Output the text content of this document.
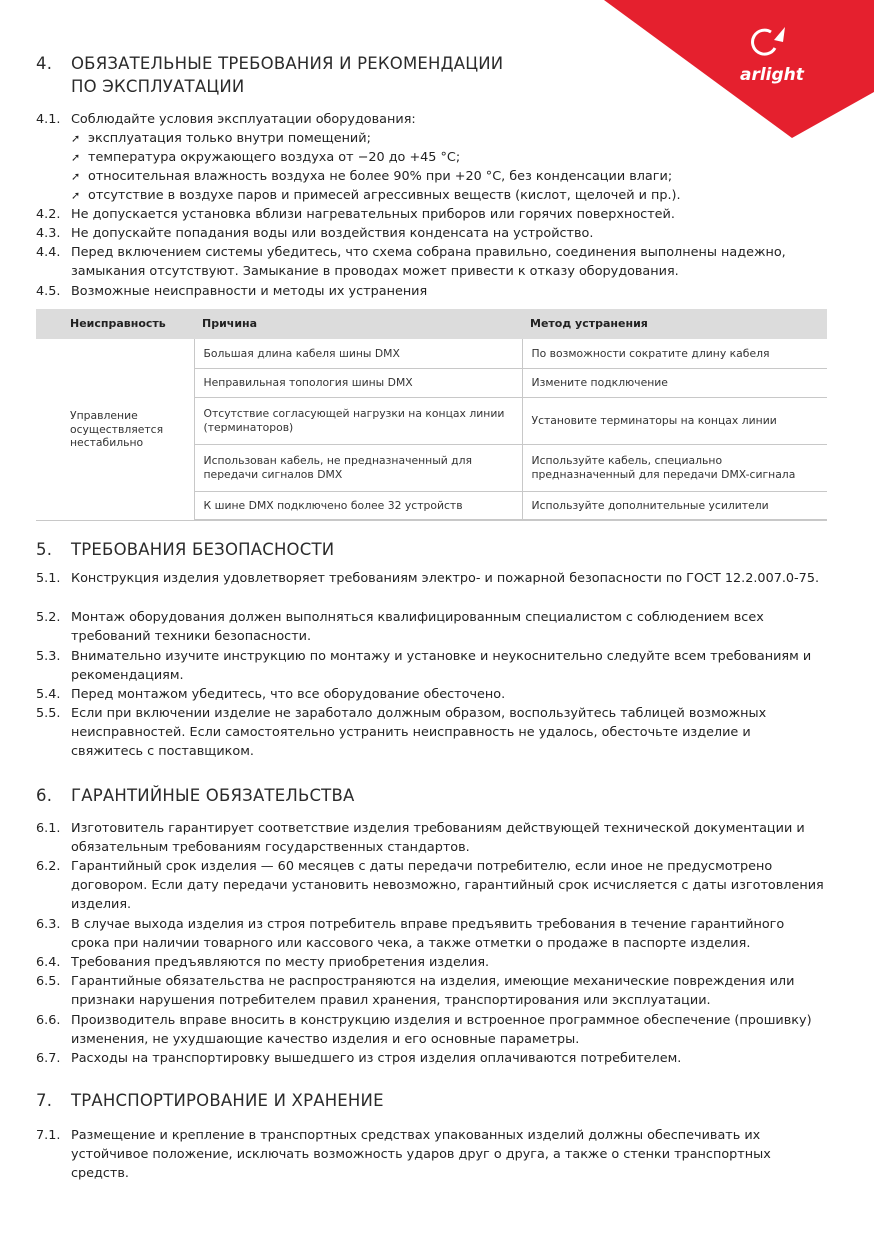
arlight
4.	ОБЯЗАТЕЛЬНЫЕ ТРЕБОВАНИЯ И РЕКОМЕНДАЦИИ
ПО ЭКСПЛУАТАЦИИ
4.1. Соблюдайте условия эксплуатации оборудования:
➚ эксплуатация только внутри помещений;
➚ температура окружающего воздуха от −20 до +45 °С;
➚ относительная влажность воздуха не более 90% при +20 °C, без конденсации влаги;
➚ отсутствие в воздухе паров и примесей агрессивных веществ (кислот, щелочей и пр.).
4.2. Не допускается установка вблизи нагревательных приборов или горячих поверхностей.
4.3. Не допускайте попадания воды или воздействия конденсата на устройство.
4.4. Перед включением системы убедитесь, что схема собрана правильно, соединения выполнены надежно, замыкания отсутствуют. Замыкание в проводах может привести к отказу оборудования.
4.5. Возможные неисправности и методы их устранения
Неисправность	Причина	Метод устранения
Управление осуществляется нестабильно	Большая длина кабеля шины DMX	По возможности сократите длину кабеля
	Неправильная топология шины DMX	Измените подключение
	Отсутствие согласующей нагрузки на концах линии (терминаторов)	Установите терминаторы на концах линии
	Использован кабель, не предназначенный для передачи сигналов DMX	Используйте кабель, специально предназначенный для передачи DMX-сигнала
	К шине DMX подключено более 32 устройств	Используйте дополнительные усилители
5.	ТРЕБОВАНИЯ БЕЗОПАСНОСТИ
5.1. Конструкция изделия удовлетворяет требованиям электро- и пожарной безопасности по ГОСТ 12.2.007.0-75.
5.2. Монтаж оборудования должен выполняться квалифицированным специалистом с соблюдением всех требований техники безопасности.
5.3. Внимательно изучите инструкцию по монтажу и установке и неукоснительно следуйте всем требованиям и рекомендациям.
5.4. Перед монтажом убедитесь, что все оборудование обесточено.
5.5. Если при включении изделие не заработало должным образом, воспользуйтесь таблицей возможных неисправностей. Если самостоятельно устранить неисправность не удалось, обесточьте изделие и свяжитесь с поставщиком.
6.	ГАРАНТИЙНЫЕ ОБЯЗАТЕЛЬСТВА
6.1. Изготовитель гарантирует соответствие изделия требованиям действующей технической документации и обязательным требованиям государственных стандартов.
6.2. Гарантийный срок изделия — 60 месяцев с даты передачи потребителю, если иное не предусмотрено договором. Если дату передачи установить невозможно, гарантийный срок исчисляется с даты изготовления изделия.
6.3. В случае выхода изделия из строя потребитель вправе предъявить требования в течение гарантийного срока при наличии товарного или кассового чека, а также отметки о продаже в паспорте изделия.
6.4. Требования предъявляются по месту приобретения изделия.
6.5. Гарантийные обязательства не распространяются на изделия, имеющие механические повреждения или признаки нарушения потребителем правил хранения, транспортирования или эксплуатации.
6.6. Производитель вправе вносить в конструкцию изделия и встроенное программное обеспечение (прошивку) изменения, не ухудшающие качество изделия и его основные параметры.
6.7. Расходы на транспортировку вышедшего из строя изделия оплачиваются потребителем.
7.	ТРАНСПОРТИРОВАНИЕ И ХРАНЕНИЕ
7.1. Размещение и крепление в транспортных средствах упакованных изделий должны обеспечивать их устойчивое положение, исключать возможность ударов друг о друга, а также о стенки транспортных средств.
